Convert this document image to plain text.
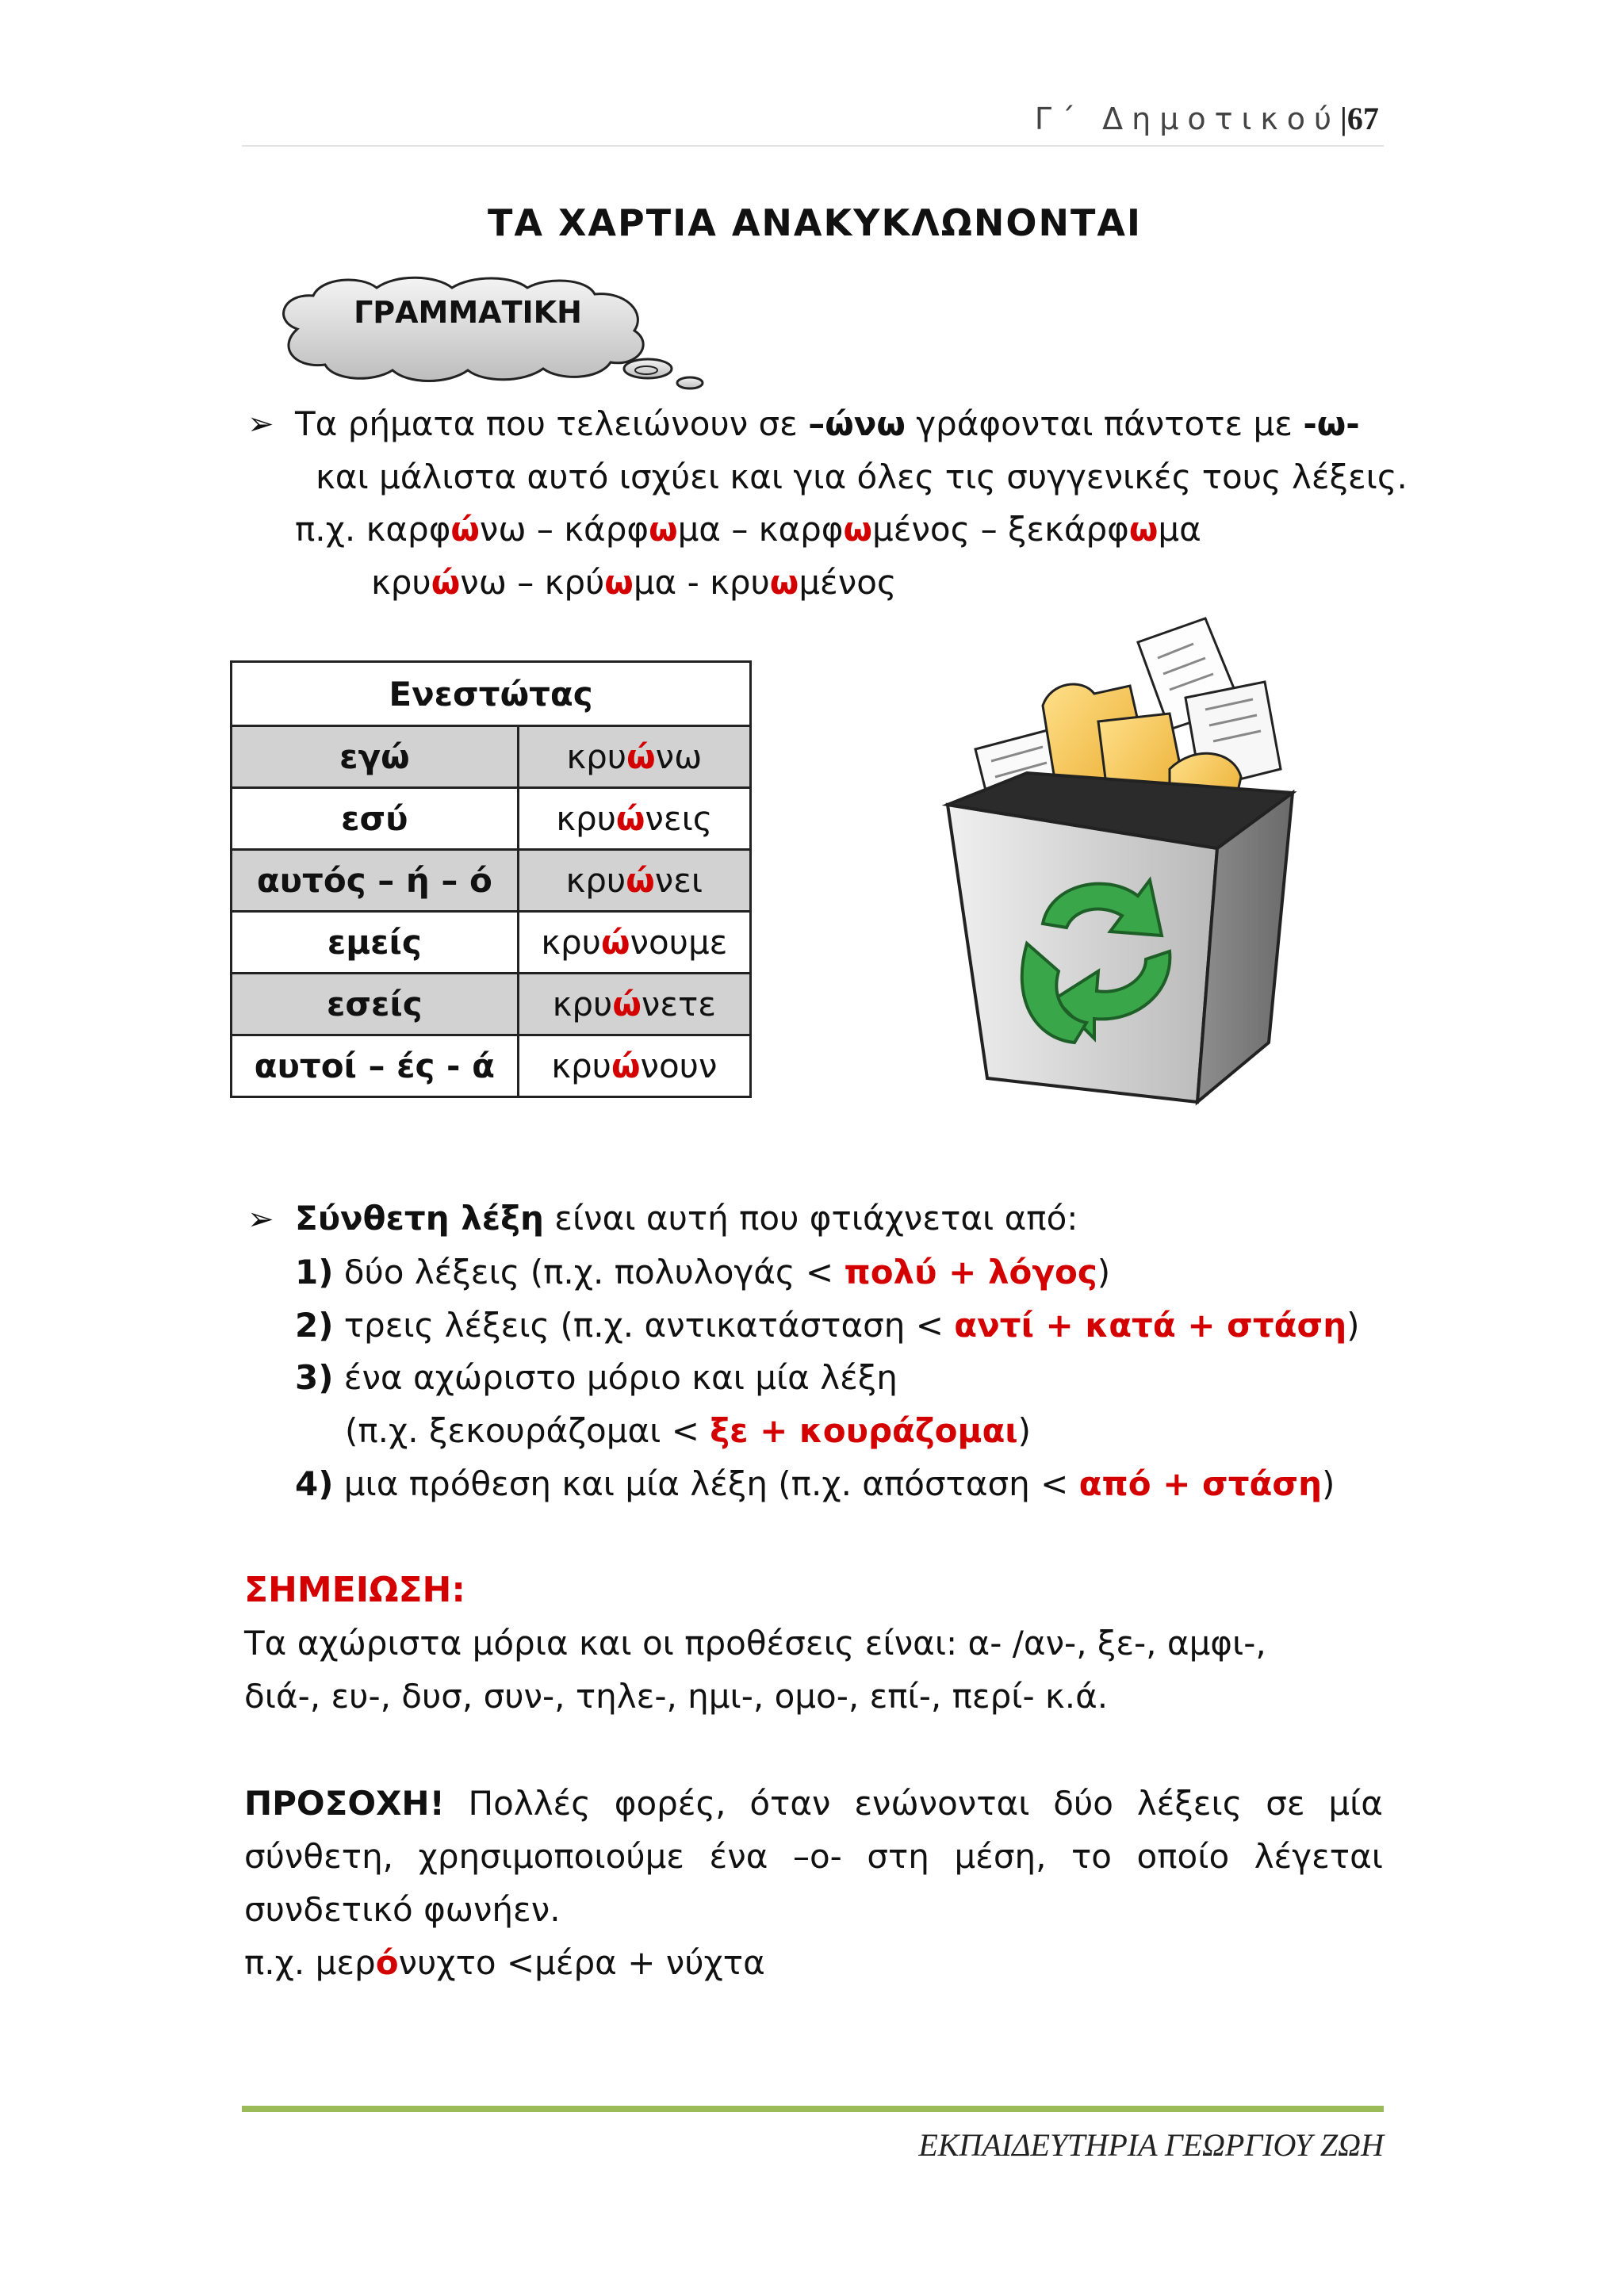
Γ΄ Δημοτικού |67
ΤΑ ΧΑΡΤΙΑ ΑΝΑΚΥΚΛΩΝΟΝΤΑΙ
ΓΡΑΜΜΑΤΙΚΗ
➢ Τα ρήματα που τελειώνουν σε –ώνω γράφονται πάντοτε με -ω-
και μάλιστα αυτό ισχύει και για όλες τις συγγενικές τους λέξεις.
π.χ. καρφώνω – κάρφωμα – καρφωμένος – ξεκάρφωμα
κρυώνω – κρύωμα - κρυωμένος
Ενεστώτας	
εγώ	κρυώνω
εσύ	κρυώνεις
αυτός – ή – ό	κρυώνει
εμείς	κρυώνουμε
εσείς	κρυώνετε
αυτοί – ές - ά	κρυώνουν
➢ Σύνθετη λέξη είναι αυτή που φτιάχνεται από:
1) δύο λέξεις (π.χ. πολυλογάς < πολύ + λόγος)
2) τρεις λέξεις (π.χ. αντικατάσταση < αντί + κατά + στάση)
3) ένα αχώριστο μόριο και μία λέξη
(π.χ. ξεκουράζομαι < ξε + κουράζομαι)
4) μια πρόθεση και μία λέξη (π.χ. απόσταση < από + στάση)
ΣΗΜΕΙΩΣΗ:
Τα αχώριστα μόρια και οι προθέσεις είναι: α- /αν-, ξε-, αμφι-,
διά-, ευ-, δυσ, συν-, τηλε-, ημι-, ομο-, επί-, περί- κ.ά.
ΠΡΟΣΟΧΗ! Πολλές φορές, όταν ενώνονται δύο λέξεις σε μία
σύνθετη, χρησιμοποιούμε ένα –ο- στη μέση, το οποίο λέγεται
συνδετικό φωνήεν.
π.χ. μερόνυχτο <μέρα + νύχτα
ΕΚΠΑΙΔΕΥΤΗΡΙΑ ΓΕΩΡΓΙΟΥ ΖΩΗ
